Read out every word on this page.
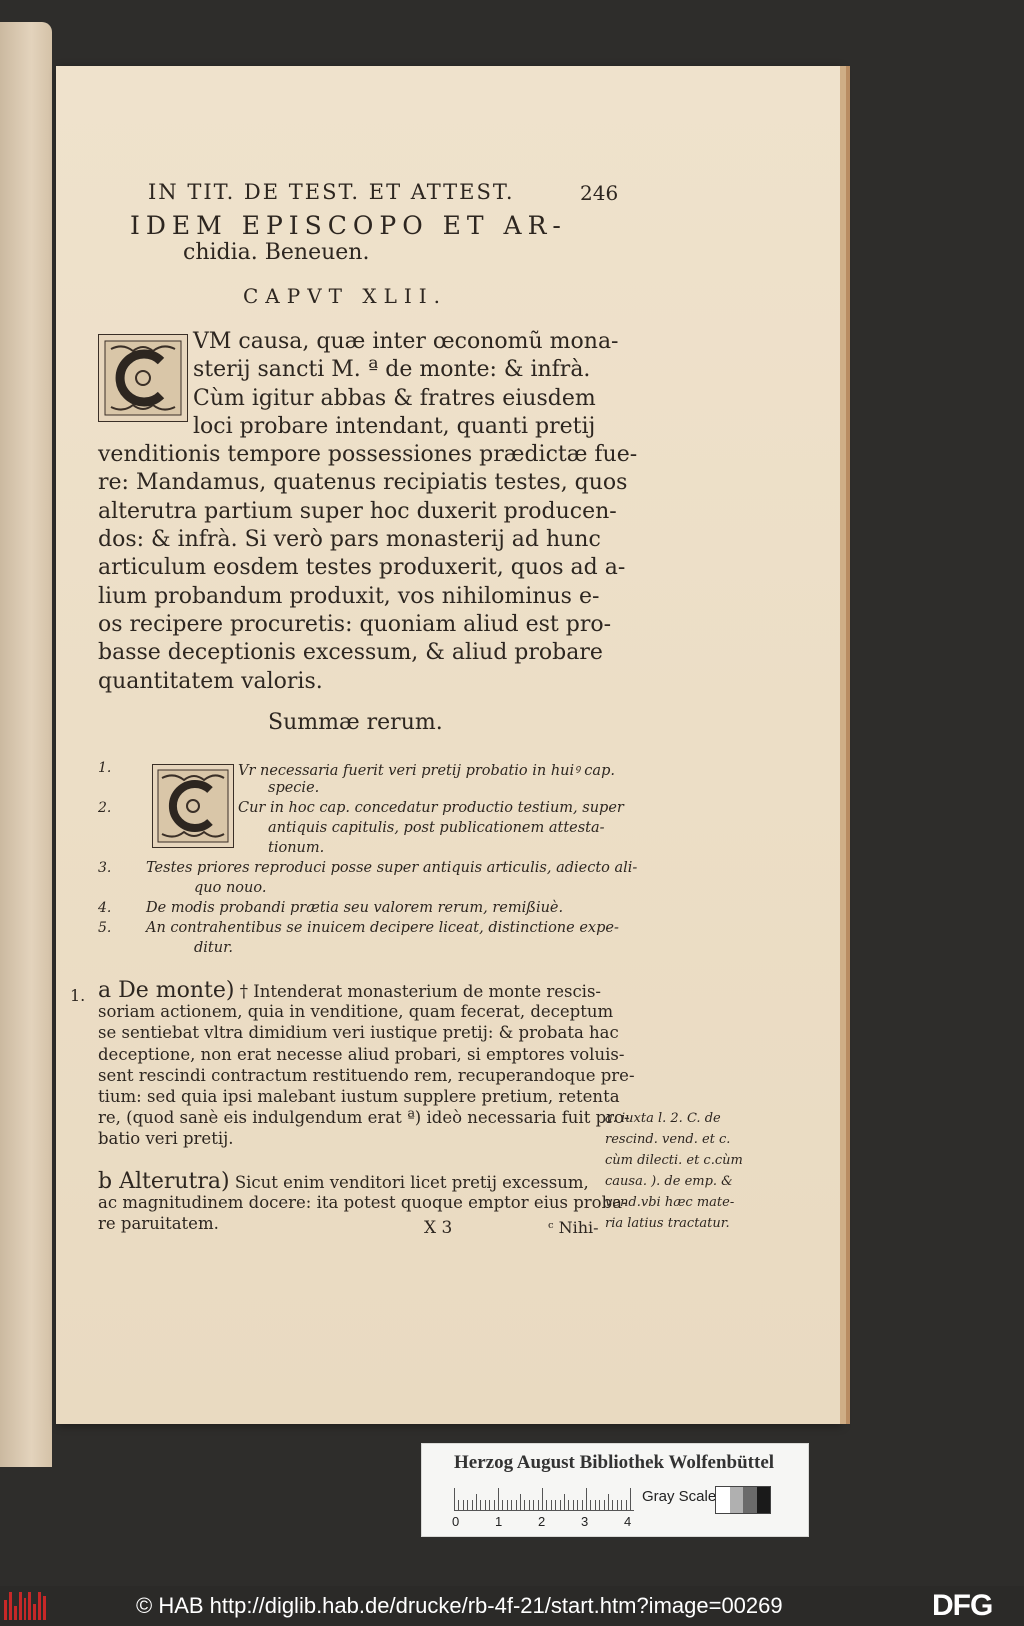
IN TIT. DE TEST. ET ATTEST.	246
IDEM EPISCOPO ET AR-
chidia. Beneuen.
CAPVT XLII.
VM causa, quæ inter œconomũ mona-
sterij sancti M. ª de monte: & infrà.
Cùm igitur abbas & fratres eiusdem
loci probare intendant, quanti pretij
venditionis tempore possessiones prædictæ fue-
re: Mandamus, quatenus recipiatis testes, quos
alterutra partium super hoc duxerit producen-
dos: & infrà. Si verò pars monasterij ad hunc
articulum eosdem testes produxerit, quos ad a-
lium probandum produxit, vos nihilominus e-
os recipere procuretis: quoniam aliud est pro-
basse deceptionis excessum, & aliud probare
quantitatem valoris.
Summæ rerum.
1.	Vr necessaria fuerit veri pretij probatio in huiꝰ cap.
specie.
2.	Cur in hoc cap. concedatur productio testium, super
antiquis capitulis, post publicationem attesta-
tionum.
3.	Testes priores reproduci posse super antiquis articulis, adiecto ali-
quo nouo.
4.	De modis probandi prætia seu valorem rerum, remißiuè.
5.	An contrahentibus se inuicem decipere liceat, distinctione expe-
ditur.
1. a De monte) † Intenderat monasterium de monte rescis-
soriam actionem, quia in venditione, quam fecerat, deceptum
se sentiebat vltra dimidium veri iustique pretij: & probata hac
deceptione, non erat necesse aliud probari, si emptores voluis-
sent rescindi contractum restituendo rem, recuperandoque pre-
tium: sed quia ipsi malebant iustum supplere pretium, retenta
re, (quod sanè eis indulgendum erat ª) ideò necessaria fuit pro-
batio veri pretij.
b Alterutra) Sicut enim venditori licet pretij excessum,
ac magnitudinem docere: ita potest quoque emptor eius proba-
re paruitatem.
a. iuxta l. 2. C. de
rescind. vend. et c.
cùm dilecti. et c.cùm
causa. ). de emp. &
vend.vbi hæc mate-
ria latius tractatur.
X 3	ᶜ Nihi-
Herzog August Bibliothek Wolfenbüttel
0	1	2	3	4
Gray Scale
© HAB http://diglib.hab.de/drucke/rb-4f-21/start.htm?image=00269	DFG
